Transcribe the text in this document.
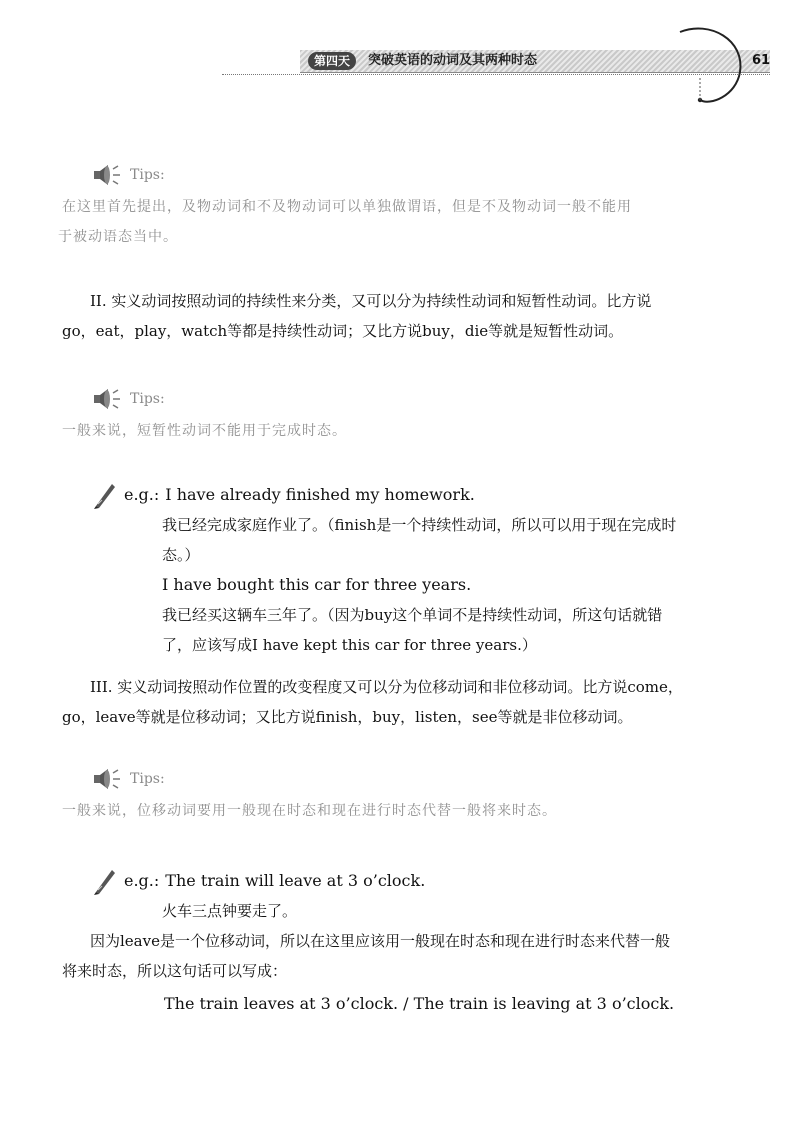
第四天	突破英语的动词及其两种时态	61
Tips:
在这里首先提出，及物动词和不及物动词可以单独做谓语，但是不及物动词一般不能用
于被动语态当中。
II. 实义动词按照动词的持续性来分类，又可以分为持续性动词和短暂性动词。比方说
go，eat，play，watch等都是持续性动词；又比方说buy，die等就是短暂性动词。
Tips:
一般来说，短暂性动词不能用于完成时态。
e.g.: I have already finished my homework.
我已经完成家庭作业了。（finish是一个持续性动词，所以可以用于现在完成时
态。）
I have bought this car for three years.
我已经买这辆车三年了。（因为buy这个单词不是持续性动词，所这句话就错
了，应该写成I have kept this car for three years.）
III. 实义动词按照动作位置的改变程度又可以分为位移动词和非位移动词。比方说come，
go，leave等就是位移动词；又比方说finish，buy，listen，see等就是非位移动词。
Tips:
一般来说，位移动词要用一般现在时态和现在进行时态代替一般将来时态。
e.g.: The train will leave at 3 o’clock.
火车三点钟要走了。
因为leave是一个位移动词，所以在这里应该用一般现在时态和现在进行时态来代替一般
将来时态，所以这句话可以写成：
The train leaves at 3 o’clock. / The train is leaving at 3 o’clock.
